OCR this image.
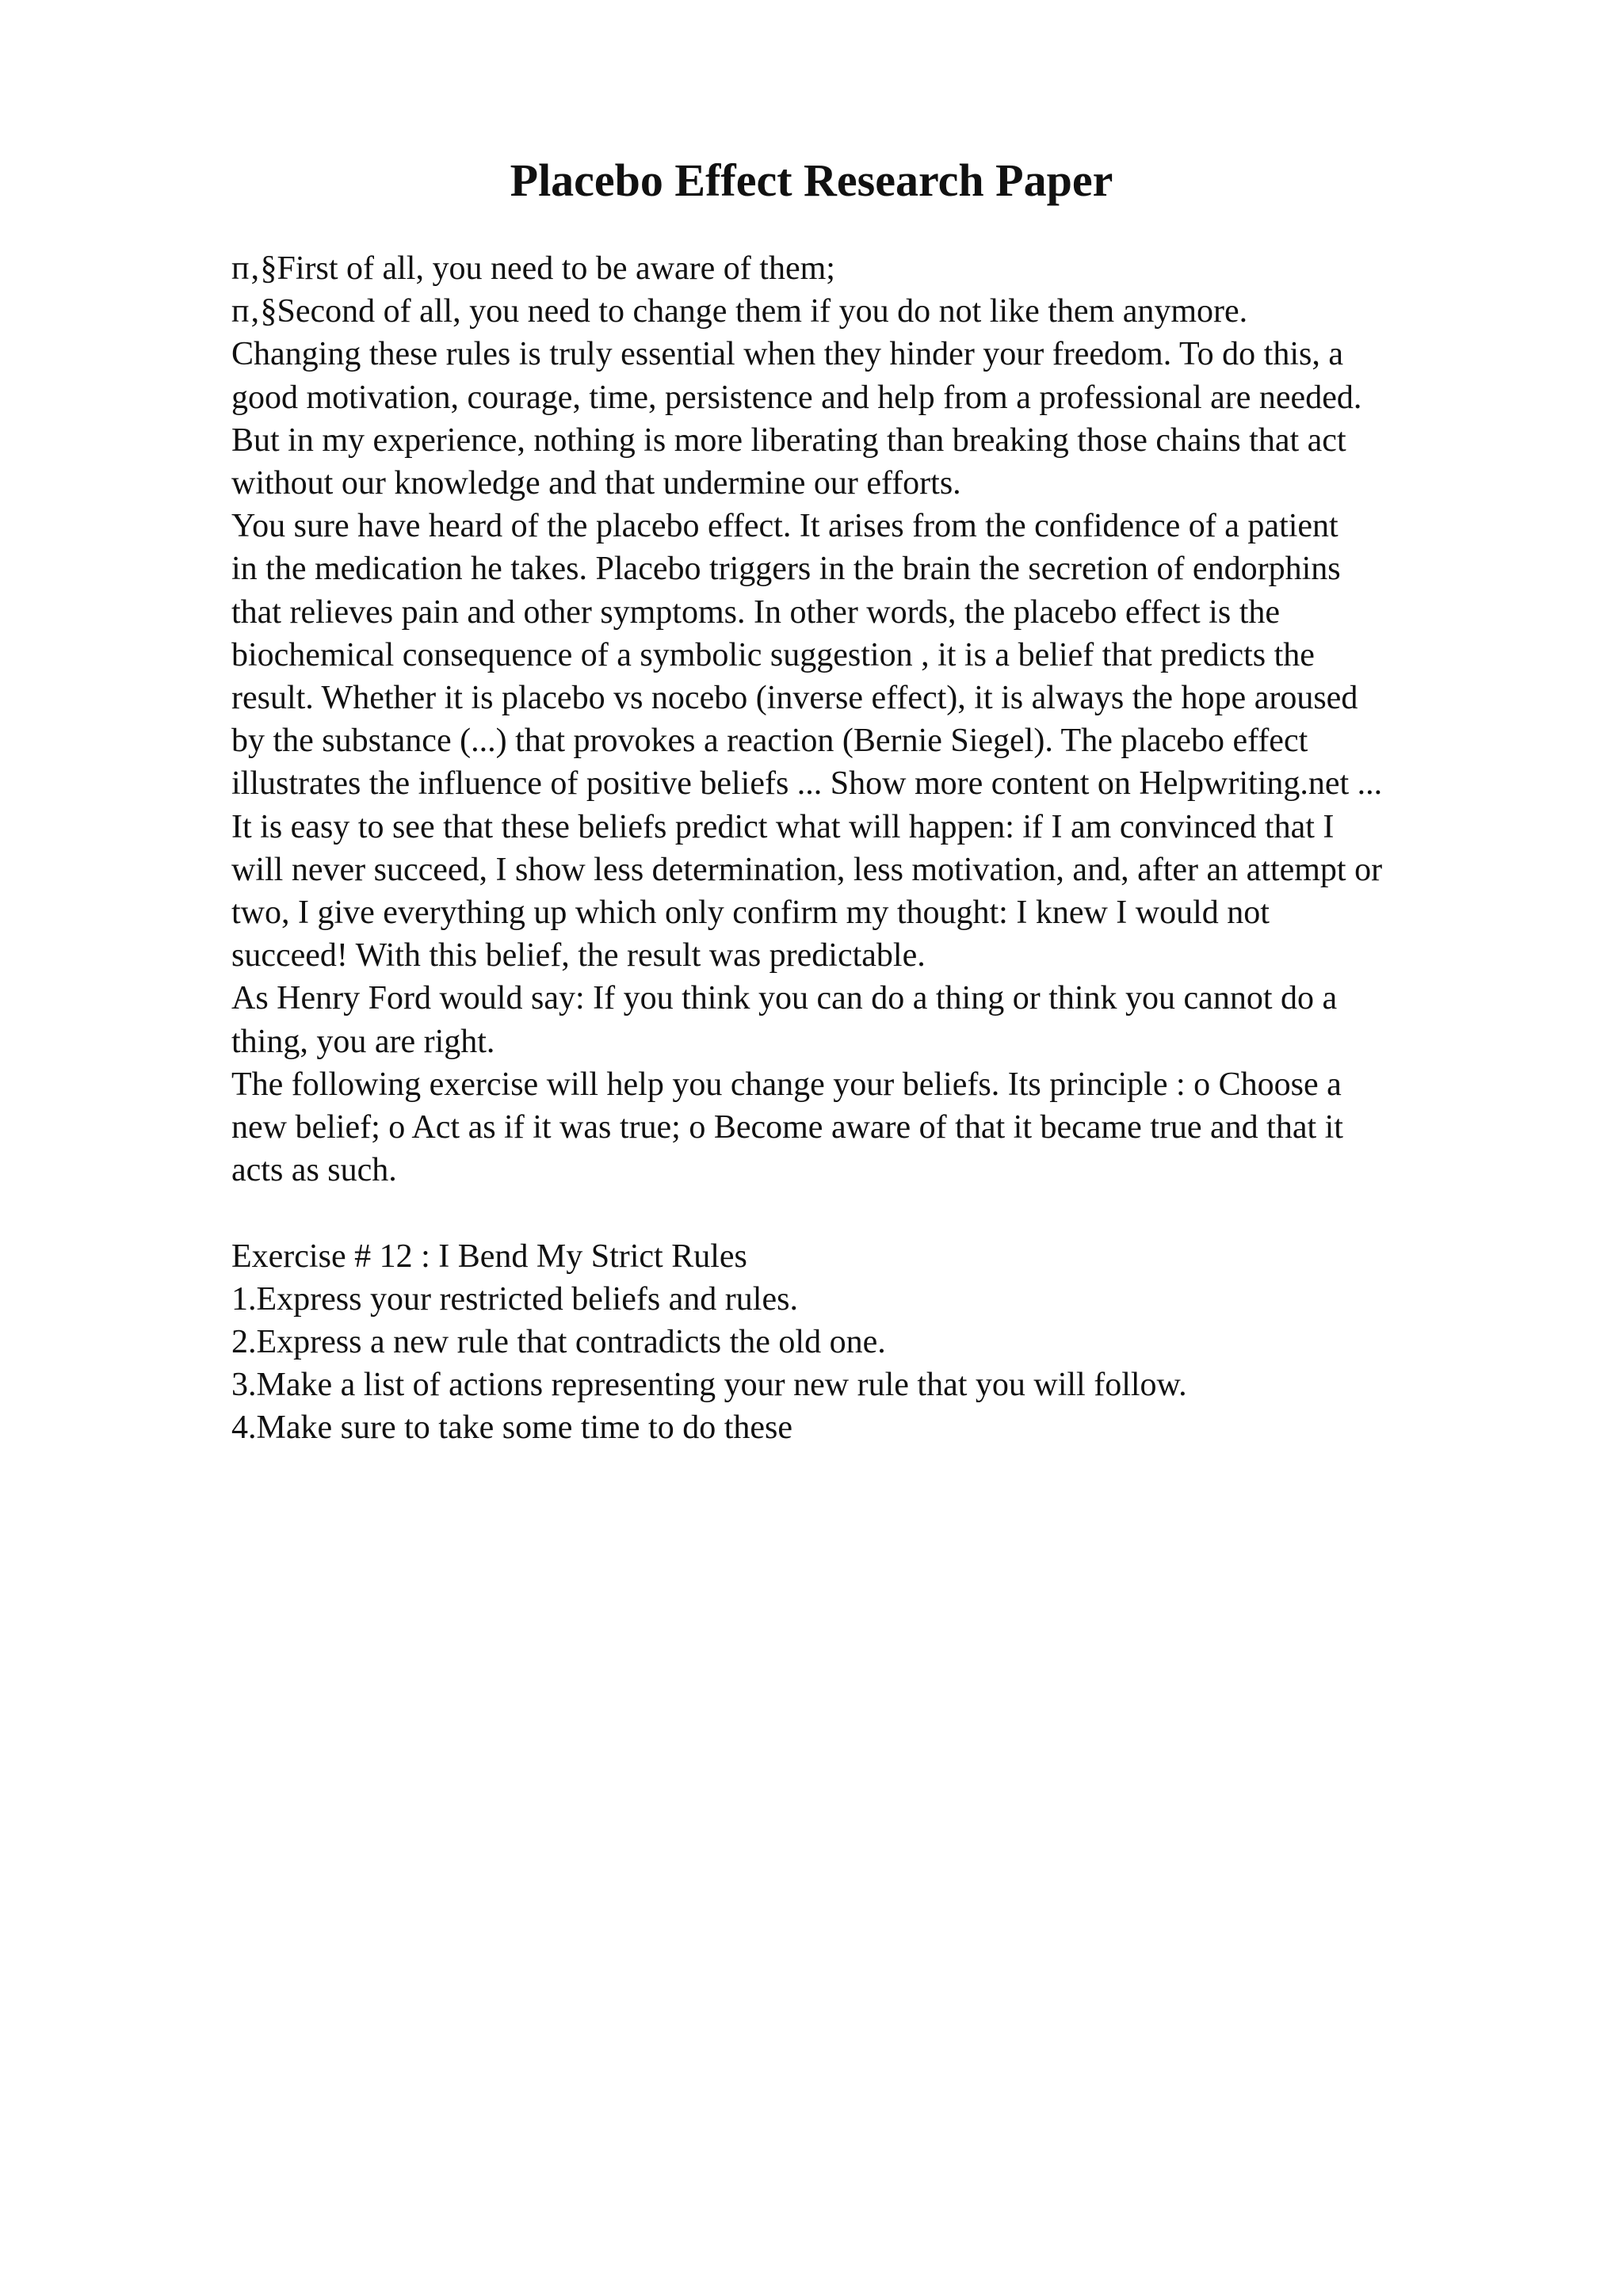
Placebo Effect Research Paper
п‚§First of all, you need to be aware of them;
п‚§Second of all, you need to change them if you do not like them anymore.
Changing these rules is truly essential when they hinder your freedom. To do this, a
good motivation, courage, time, persistence and help from a professional are needed.
But in my experience, nothing is more liberating than breaking those chains that act
without our knowledge and that undermine our efforts.
You sure have heard of the placebo effect. It arises from the confidence of a patient
in the medication he takes. Placebo triggers in the brain the secretion of endorphins
that relieves pain and other symptoms. In other words, the placebo effect is the
biochemical consequence of a symbolic suggestion , it is a belief that predicts the
result. Whether it is placebo vs nocebo (inverse effect), it is always the hope aroused
by the substance (...) that provokes a reaction (Bernie Siegel). The placebo effect
illustrates the influence of positive beliefs ... Show more content on Helpwriting.net ...
It is easy to see that these beliefs predict what will happen: if I am convinced that I
will never succeed, I show less determination, less motivation, and, after an attempt or
two, I give everything up which only confirm my thought: I knew I would not
succeed! With this belief, the result was predictable.
As Henry Ford would say: If you think you can do a thing or think you cannot do a
thing, you are right.
The following exercise will help you change your beliefs. Its principle : o Choose a
new belief; o Act as if it was true; o Become aware of that it became true and that it
acts as such.
Exercise # 12 : I Bend My Strict Rules
1.Express your restricted beliefs and rules.
2.Express a new rule that contradicts the old one.
3.Make a list of actions representing your new rule that you will follow.
4.Make sure to take some time to do these
